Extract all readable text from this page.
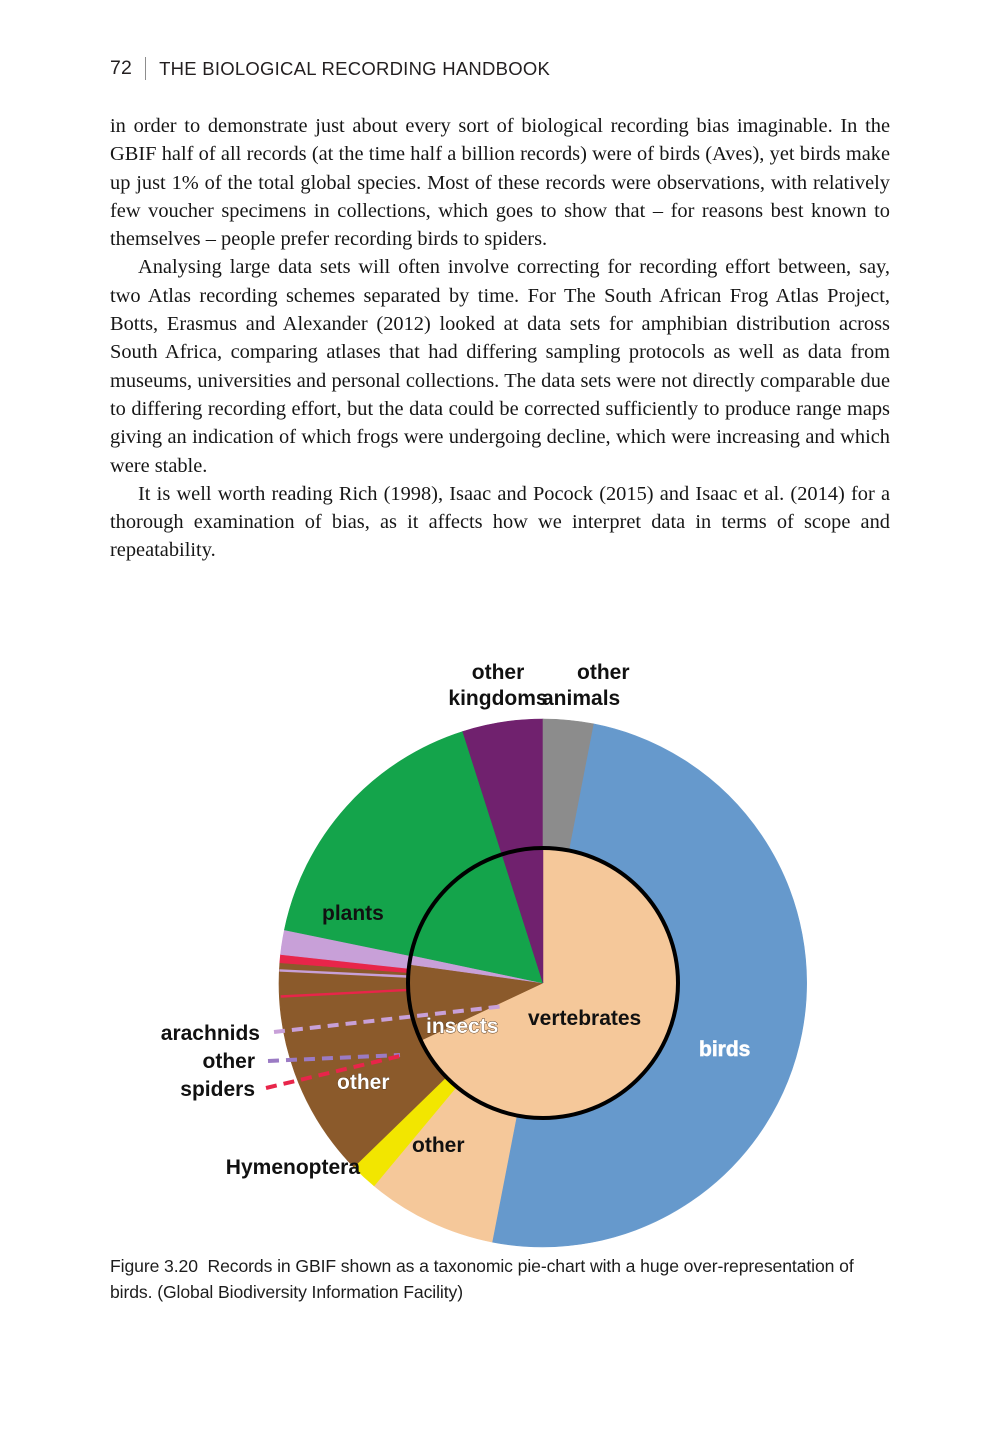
72 THE BIOLOGICAL RECORDING HANDBOOK

in order to demonstrate just about every sort of biological recording bias imaginable. In the GBIF half of all records (at the time half a billion records) were of birds (Aves), yet birds make up just 1% of the total global species. Most of these records were observations, with relatively few voucher specimens in collections, which goes to show that – for reasons best known to themselves – people prefer recording birds to spiders.

Analysing large data sets will often involve correcting for recording effort between, say, two Atlas recording schemes separated by time. For The South African Frog Atlas Project, Botts, Erasmus and Alexander (2012) looked at data sets for amphibian distribution across South Africa, comparing atlases that had differing sampling protocols as well as data from museums, universities and personal collections. The data sets were not directly comparable due to differing recording effort, but the data could be corrected sufficiently to produce range maps giving an indication of which frogs were undergoing decline, which were increasing and which were stable.

It is well worth reading Rich (1998), Isaac and Pocock (2015) and Isaac et al. (2014) for a thorough examination of bias, as it affects how we interpret data in terms of scope and repeatability.

other
kingdoms
other
animals
plants
insects vertebrates
birds
arachnids
other
spiders	other
Hymenoptera
other
Figure 3.20 Records in GBIF shown as a taxonomic pie-chart with a huge over-representation of birds. (Global Biodiversity Information Facility)
